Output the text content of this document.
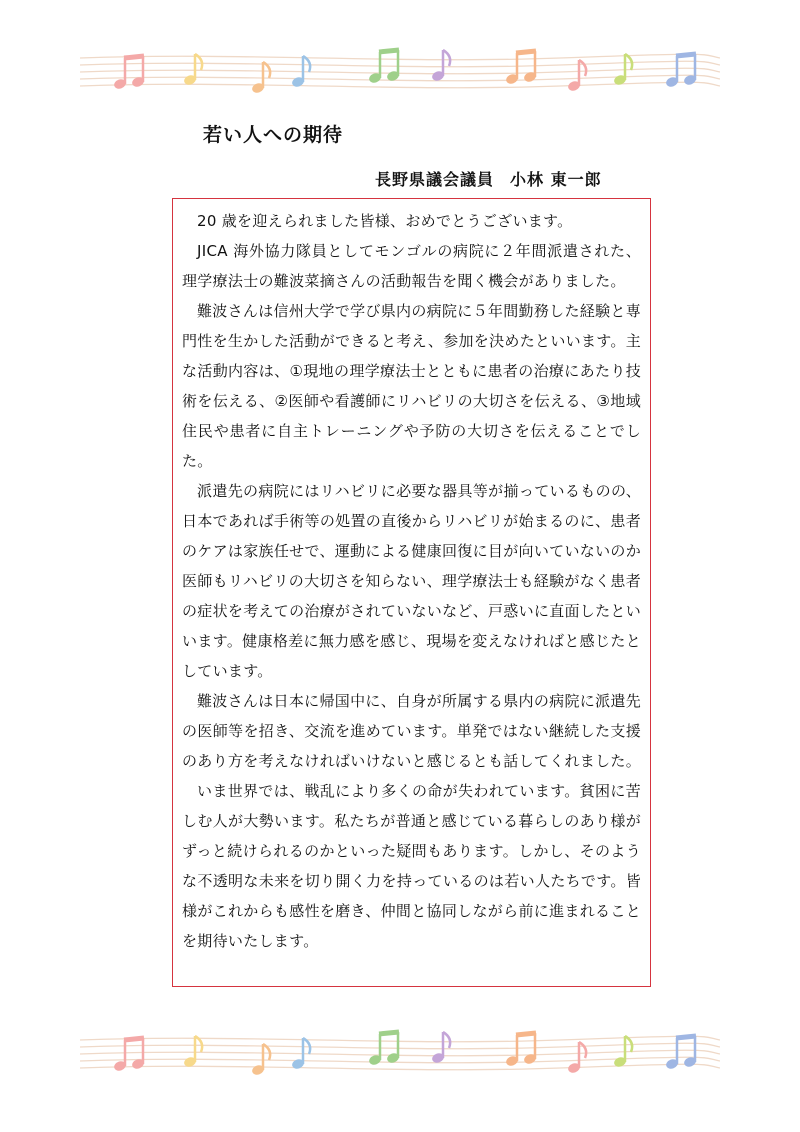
若い人への期待
長野県議会議員 小林 東一郎

20 歳を迎えられました皆様、おめでとうございます。

JICA 海外協力隊員としてモンゴルの病院に２年間派遣された、理学療法士の難波菜摘さんの活動報告を聞く機会がありました。

難波さんは信州大学で学び県内の病院に５年間勤務した経験と専門性を生かした活動ができると考え、参加を決めたといいます。主な活動内容は、①現地の理学療法士とともに患者の治療にあたり技術を伝える、②医師や看護師にリハビリの大切さを伝える、③地域住民や患者に自主トレーニングや予防の大切さを伝えることでした。

派遣先の病院にはリハビリに必要な器具等が揃っているものの、日本であれば手術等の処置の直後からリハビリが始まるのに、患者のケアは家族任せで、運動による健康回復に目が向いていないのか医師もリハビリの大切さを知らない、理学療法士も経験がなく患者の症状を考えての治療がされていないなど、戸惑いに直面したといいます。健康格差に無力感を感じ、現場を変えなければと感じたとしています。

難波さんは日本に帰国中に、自身が所属する県内の病院に派遣先の医師等を招き、交流を進めています。単発ではない継続した支援のあり方を考えなければいけないと感じるとも話してくれました。

いま世界では、戦乱により多くの命が失われています。貧困に苦しむ人が大勢います。私たちが普通と感じている暮らしのあり様がずっと続けられるのかといった疑問もあります。しかし、そのような不透明な未来を切り開く力を持っているのは若い人たちです。皆様がこれからも感性を磨き、仲間と協同しながら前に進まれることを期待いたします。
